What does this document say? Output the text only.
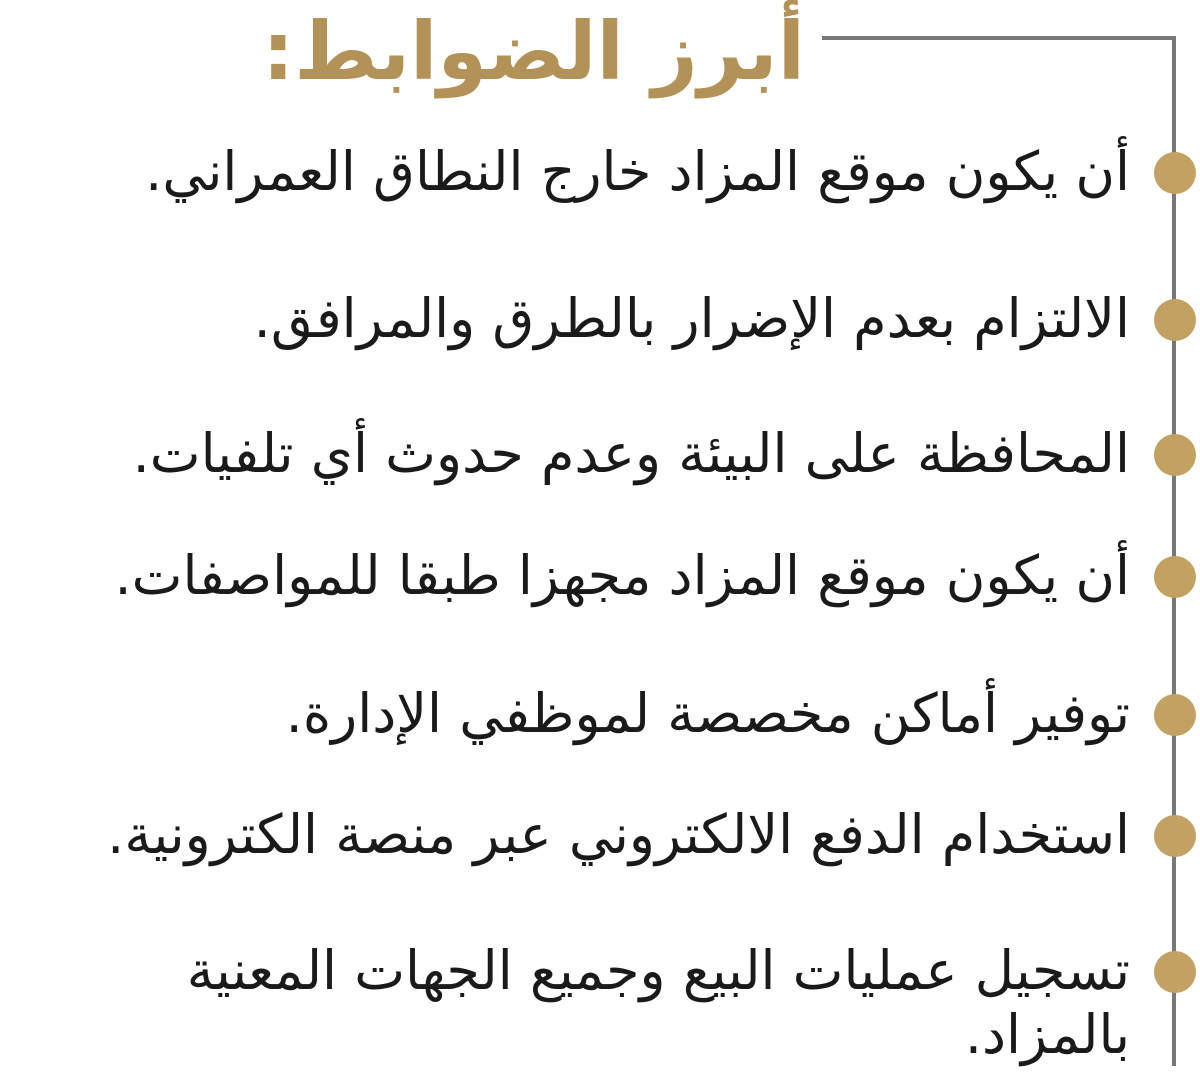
أبرز الضوابط:

أن يكون موقع المزاد خارج النطاق العمراني.

الالتزام بعدم الإضرار بالطرق والمرافق.

المحافظة على البيئة وعدم حدوث أي تلفيات.

أن يكون موقع المزاد مجهزا طبقا للمواصفات.

توفير أماكن مخصصة لموظفي الإدارة.

استخدام الدفع الالكتروني عبر منصة الكترونية.

تسجيل عمليات البيع وجميع الجهات المعنية
بالمزاد.
